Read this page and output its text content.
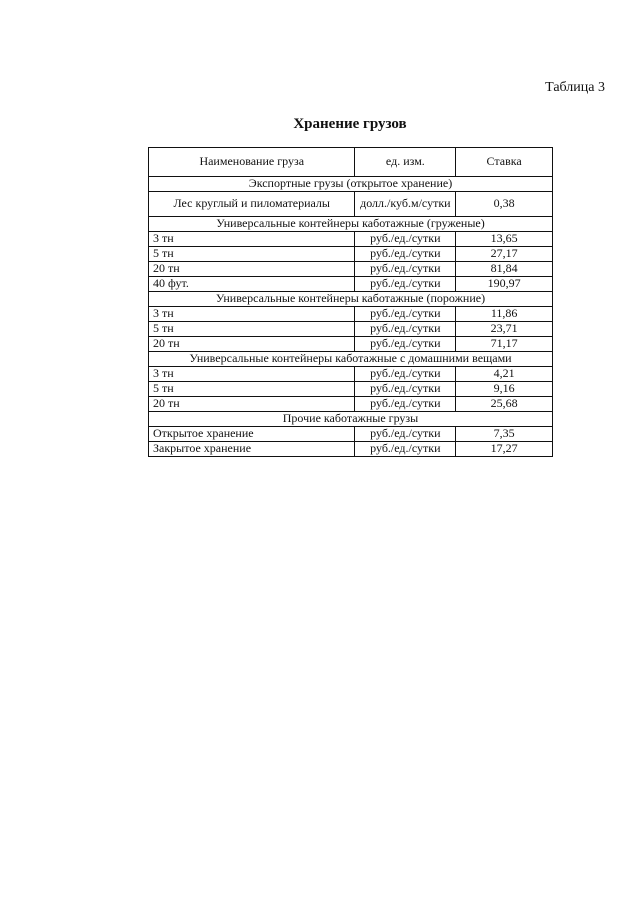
Таблица 3
Хранение грузов
Наименование груза	ед. изм.	Ставка
Экспортные грузы (открытое хранение)		
Лес круглый и пиломатериалы	долл./куб.м/сутки	0,38
Универсальные контейнеры каботажные (груженые)		
3 тн	руб./ед./сутки	13,65
5 тн	руб./ед./сутки	27,17
20 тн	руб./ед./сутки	81,84
40 фут.	руб./ед./сутки	190,97
Универсальные контейнеры каботажные (порожние)		
3 тн	руб./ед./сутки	11,86
5 тн	руб./ед./сутки	23,71
20 тн	руб./ед./сутки	71,17
Универсальные контейнеры каботажные с домашними вещами		
3 тн	руб./ед./сутки	4,21
5 тн	руб./ед./сутки	9,16
20 тн	руб./ед./сутки	25,68
Прочие каботажные грузы		
Открытое хранение	руб./ед./сутки	7,35
Закрытое хранение	руб./ед./сутки	17,27
